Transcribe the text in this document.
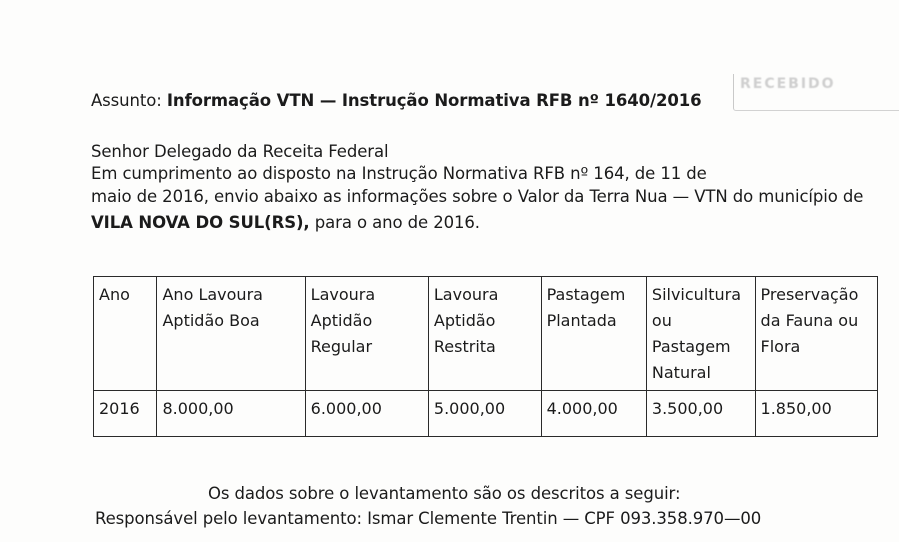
RECEBIDO
Assunto: Informação VTN — Instrução Normativa RFB nº 1640/2016
Senhor Delegado da Receita Federal
Em cumprimento ao disposto na Instrução Normativa RFB nº 164, de 11 de
maio de 2016, envio abaixo as informações sobre o Valor da Terra Nua — VTN do município de
VILA NOVA DO SUL(RS), para o ano de 2016.
Ano	Ano Lavoura Aptidão Boa	Lavoura Aptidão Regular	Lavoura Aptidão Restrita	Pastagem Plantada	Silvicultura ou Pastagem Natural	Preservação da Fauna ou Flora
2016	8.000,00	6.000,00	5.000,00	4.000,00	3.500,00	1.850,00
Os dados sobre o levantamento são os descritos a seguir:
Responsável pelo levantamento: Ismar Clemente Trentin — CPF 093.358.970—00
